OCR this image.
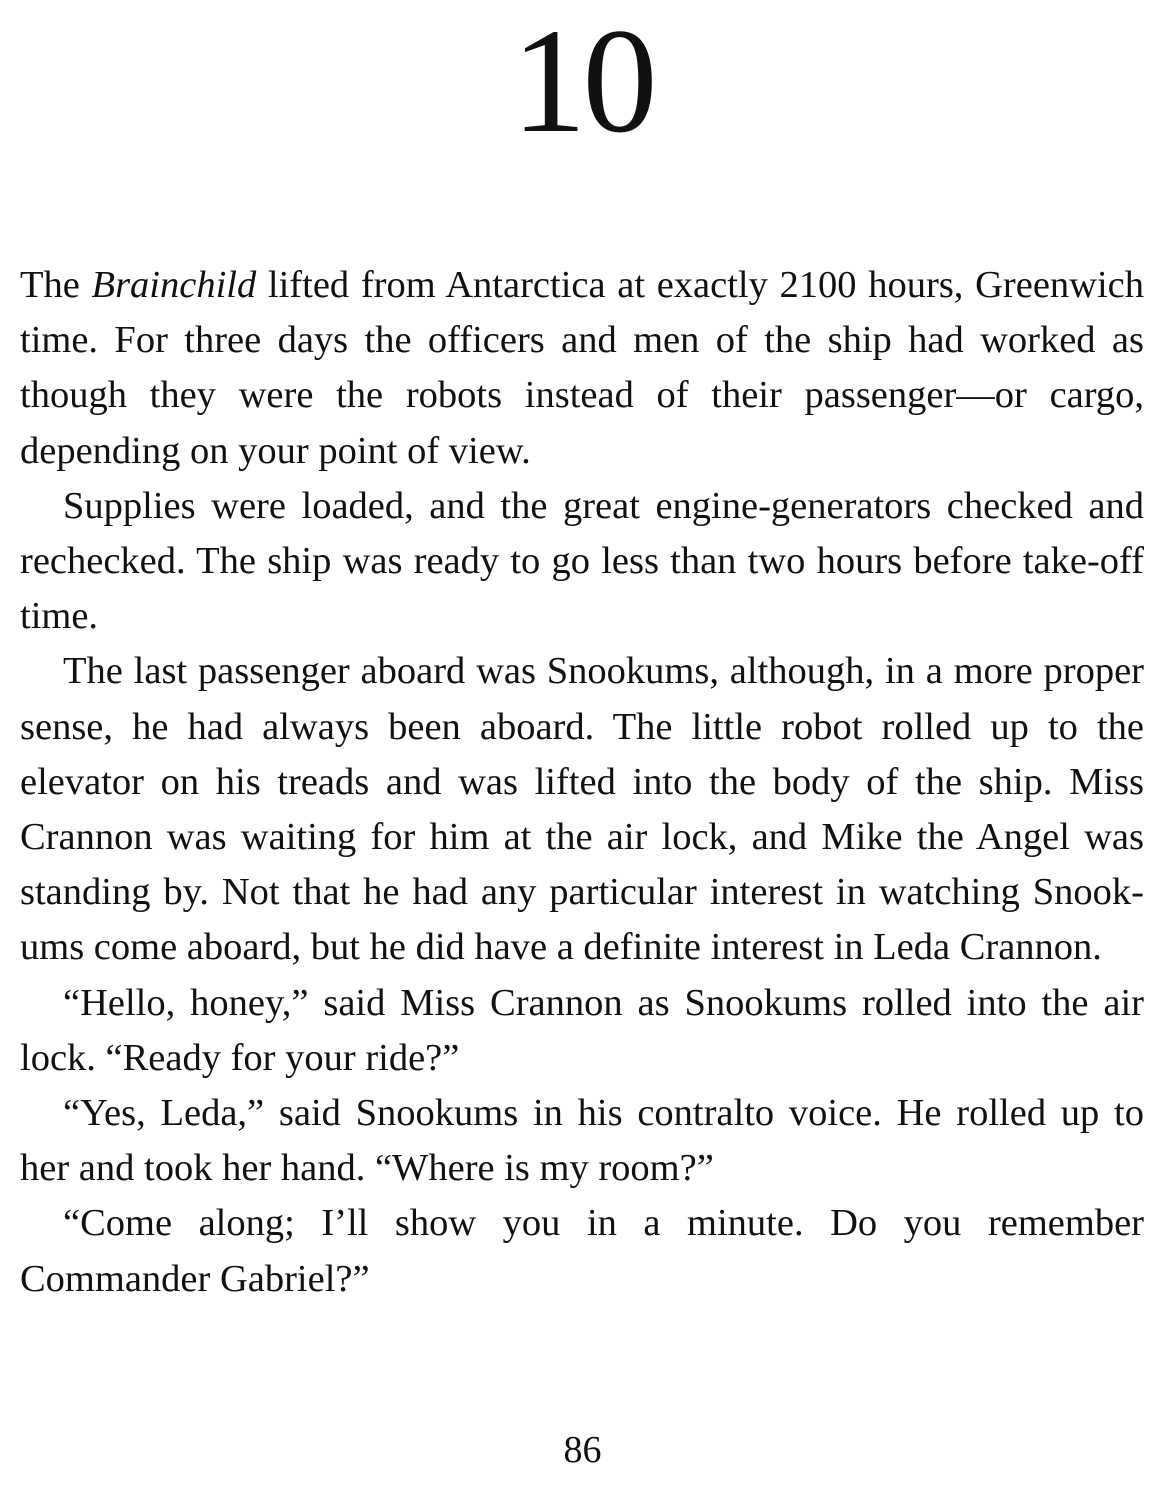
10

The Brainchild lifted from Antarctica at exactly 2100 hours, Greenwich time. For three days the officers and men of the ship had worked as though they were the robots instead of their passenger—or cargo, depending on your point of view.

Supplies were loaded, and the great engine-generators checked and rechecked. The ship was ready to go less than two hours before take-off time.

The last passenger aboard was Snookums, although, in a more proper sense, he had always been aboard. The little robot rolled up to the elevator on his treads and was lifted into the body of the ship. Miss Crannon was waiting for him at the air lock, and Mike the Angel was standing by. Not that he had any particular interest in watching Snookums come aboard, but he did have a definite interest in Leda Crannon.

“Hello, honey,” said Miss Crannon as Snookums rolled into the air lock. “Ready for your ride?”

“Yes, Leda,” said Snookums in his contralto voice. He rolled up to her and took her hand. “Where is my room?”

“Come along; I’ll show you in a minute. Do you remember Commander Gabriel?”

86
